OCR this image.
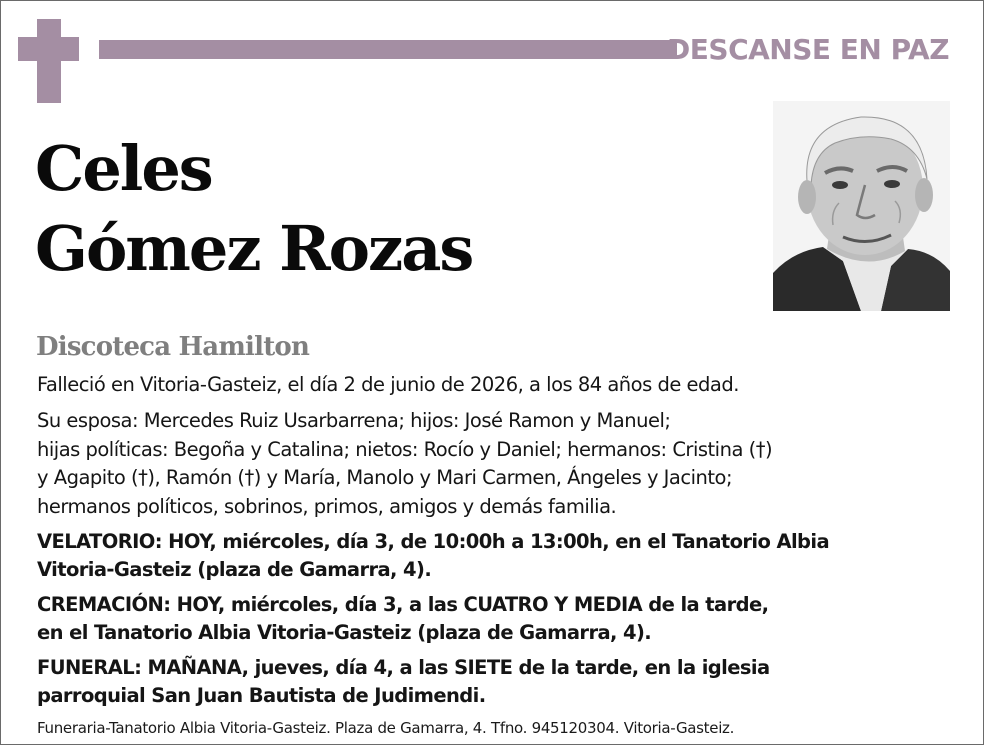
DESCANSE EN PAZ
Celes
Gómez Rozas
Discoteca Hamilton
Falleció en Vitoria-Gasteiz, el día 2 de junio de 2026, a los 84 años de edad.
Su esposa: Mercedes Ruiz Usarbarrena; hijos: José Ramon y Manuel;
hijas políticas: Begoña y Catalina; nietos: Rocío y Daniel; hermanos: Cristina (†)
y Agapito (†), Ramón (†) y María, Manolo y Mari Carmen, Ángeles y Jacinto;
hermanos políticos, sobrinos, primos, amigos y demás familia.
VELATORIO: HOY, miércoles, día 3, de 10:00h a 13:00h, en el Tanatorio Albia
Vitoria-Gasteiz (plaza de Gamarra, 4).
CREMACIÓN: HOY, miércoles, día 3, a las CUATRO Y MEDIA de la tarde,
en el Tanatorio Albia Vitoria-Gasteiz (plaza de Gamarra, 4).
FUNERAL: MAÑANA, jueves, día 4, a las SIETE de la tarde, en la iglesia
parroquial San Juan Bautista de Judimendi.
Funeraria-Tanatorio Albia Vitoria-Gasteiz. Plaza de Gamarra, 4. Tfno. 945120304. Vitoria-Gasteiz.
